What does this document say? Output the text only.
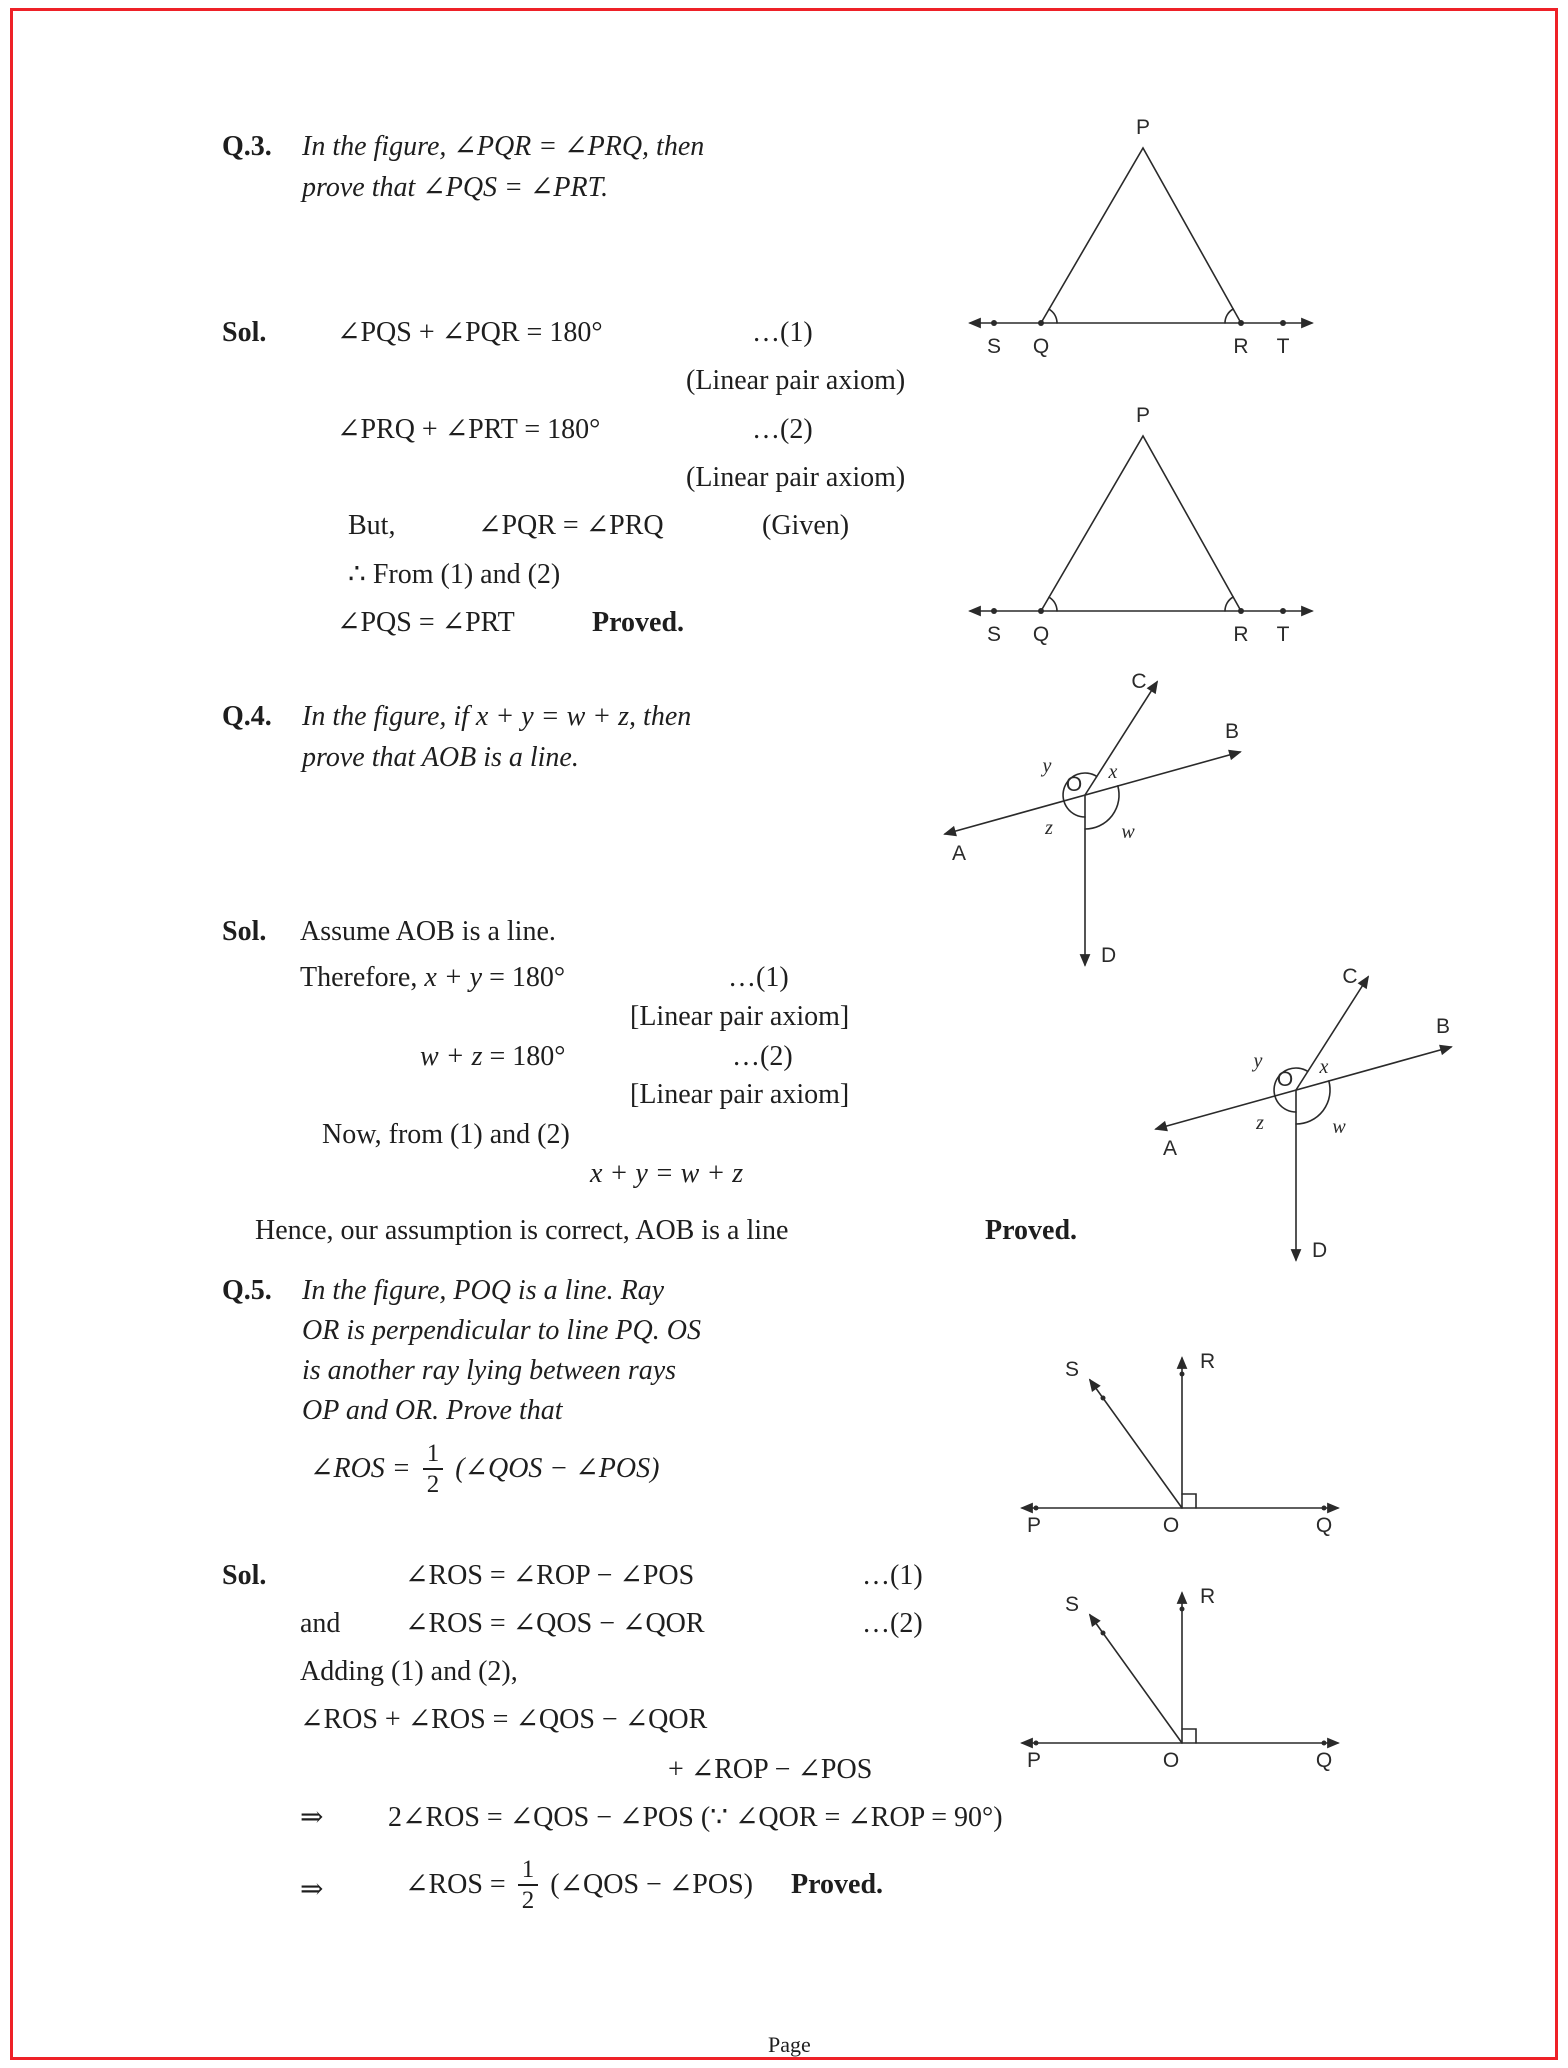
Q.3. In the figure, ∠PQR = ∠PRQ, then
prove that ∠PQS = ∠PRT.
P
S Q	R T
Sol.	∠PQS + ∠PQR = 180°	…(1)
(Linear pair axiom)
∠PRQ + ∠PRT = 180°	…(2)
(Linear pair axiom)
But,	∠PQR = ∠PRQ	(Given)
∴ From (1) and (2)
∠PQS = ∠PRT	Proved.
P
S Q	R T
Q.4. In the figure, if x + y = w + z, then
prove that AOB is a line.
C
B
A
D
O
x
y
z	w
Sol. Assume AOB is a line.
Therefore, x + y = 180°	…(1)
[Linear pair axiom]
w + z = 180°	…(2)
[Linear pair axiom]
Now, from (1) and (2)
x + y = w + z
Hence, our assumption is correct, AOB is a line	Proved.
C
B
A
D
O
x
y
z	w
Q.5. In the figure, POQ is a line. Ray
OR is perpendicular to line PQ. OS
is another ray lying between rays
OP and OR. Prove that
∠ROS = $\frac{1}{2}$ (∠QOS − ∠POS)
P	O	Q
R
S
Sol.	∠ROS = ∠ROP − ∠POS	…(1)
and ∠ROS = ∠QOS − ∠QOR	…(2)
Adding (1) and (2),
∠ROS + ∠ROS = ∠QOS − ∠QOR
+ ∠ROP − ∠POS
⇒ 2∠ROS = ∠QOS − ∠POS (∵ ∠QOR = ∠ROP = 90°)
⇒	∠ROS = $\frac{1}{2}$ (∠QOS − ∠POS) Proved.
P	O	Q
R
S
Page
